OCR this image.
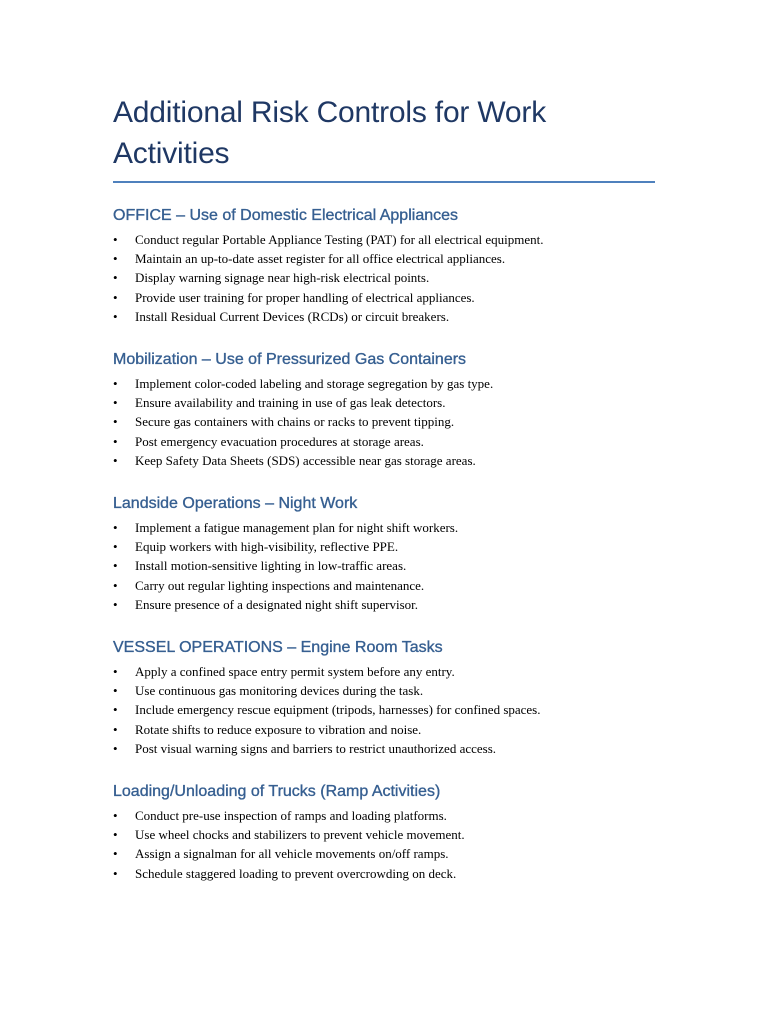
Additional Risk Controls for Work Activities
OFFICE – Use of Domestic Electrical Appliances
• Conduct regular Portable Appliance Testing (PAT) for all electrical equipment.
• Maintain an up-to-date asset register for all office electrical appliances.
• Display warning signage near high-risk electrical points.
• Provide user training for proper handling of electrical appliances.
• Install Residual Current Devices (RCDs) or circuit breakers.
Mobilization – Use of Pressurized Gas Containers
• Implement color-coded labeling and storage segregation by gas type.
• Ensure availability and training in use of gas leak detectors.
• Secure gas containers with chains or racks to prevent tipping.
• Post emergency evacuation procedures at storage areas.
• Keep Safety Data Sheets (SDS) accessible near gas storage areas.
Landside Operations – Night Work
• Implement a fatigue management plan for night shift workers.
• Equip workers with high-visibility, reflective PPE.
• Install motion-sensitive lighting in low-traffic areas.
• Carry out regular lighting inspections and maintenance.
• Ensure presence of a designated night shift supervisor.
VESSEL OPERATIONS – Engine Room Tasks
• Apply a confined space entry permit system before any entry.
• Use continuous gas monitoring devices during the task.
• Include emergency rescue equipment (tripods, harnesses) for confined spaces.
• Rotate shifts to reduce exposure to vibration and noise.
• Post visual warning signs and barriers to restrict unauthorized access.
Loading/Unloading of Trucks (Ramp Activities)
• Conduct pre-use inspection of ramps and loading platforms.
• Use wheel chocks and stabilizers to prevent vehicle movement.
• Assign a signalman for all vehicle movements on/off ramps.
• Schedule staggered loading to prevent overcrowding on deck.
